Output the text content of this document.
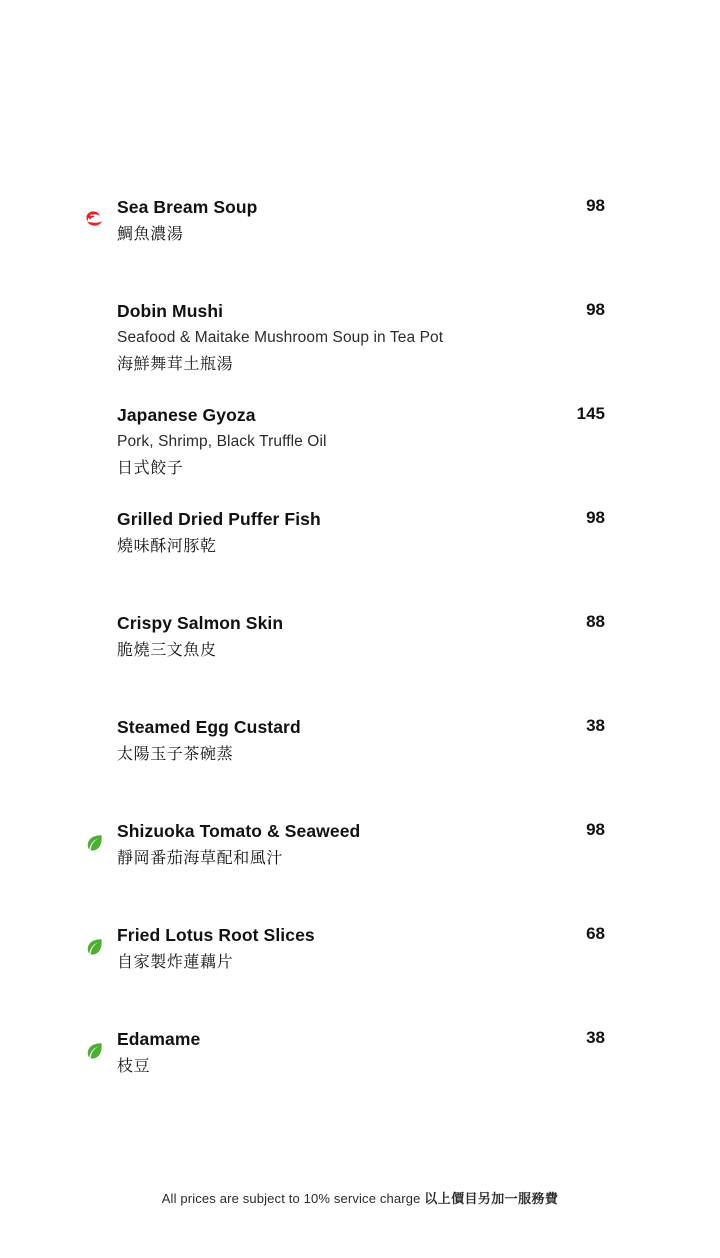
Sea Bream Soup	98
鯛魚濃湯
Dobin Mushi	98
Seafood & Maitake Mushroom Soup in Tea Pot
海鮮舞茸土瓶湯
Japanese Gyoza	145
Pork, Shrimp, Black Truffle Oil
日式餃子
Grilled Dried Puffer Fish	98
燒味酥河豚乾
Crispy Salmon Skin	88
脆燒三文魚皮
Steamed Egg Custard	38
太陽玉子茶碗蒸
Shizuoka Tomato & Seaweed	98
靜岡番茄海草配和風汁
Fried Lotus Root Slices	68
自家製炸蓮藕片
Edamame	38
枝豆
All prices are subject to 10% service charge 以上價目另加一服務費
